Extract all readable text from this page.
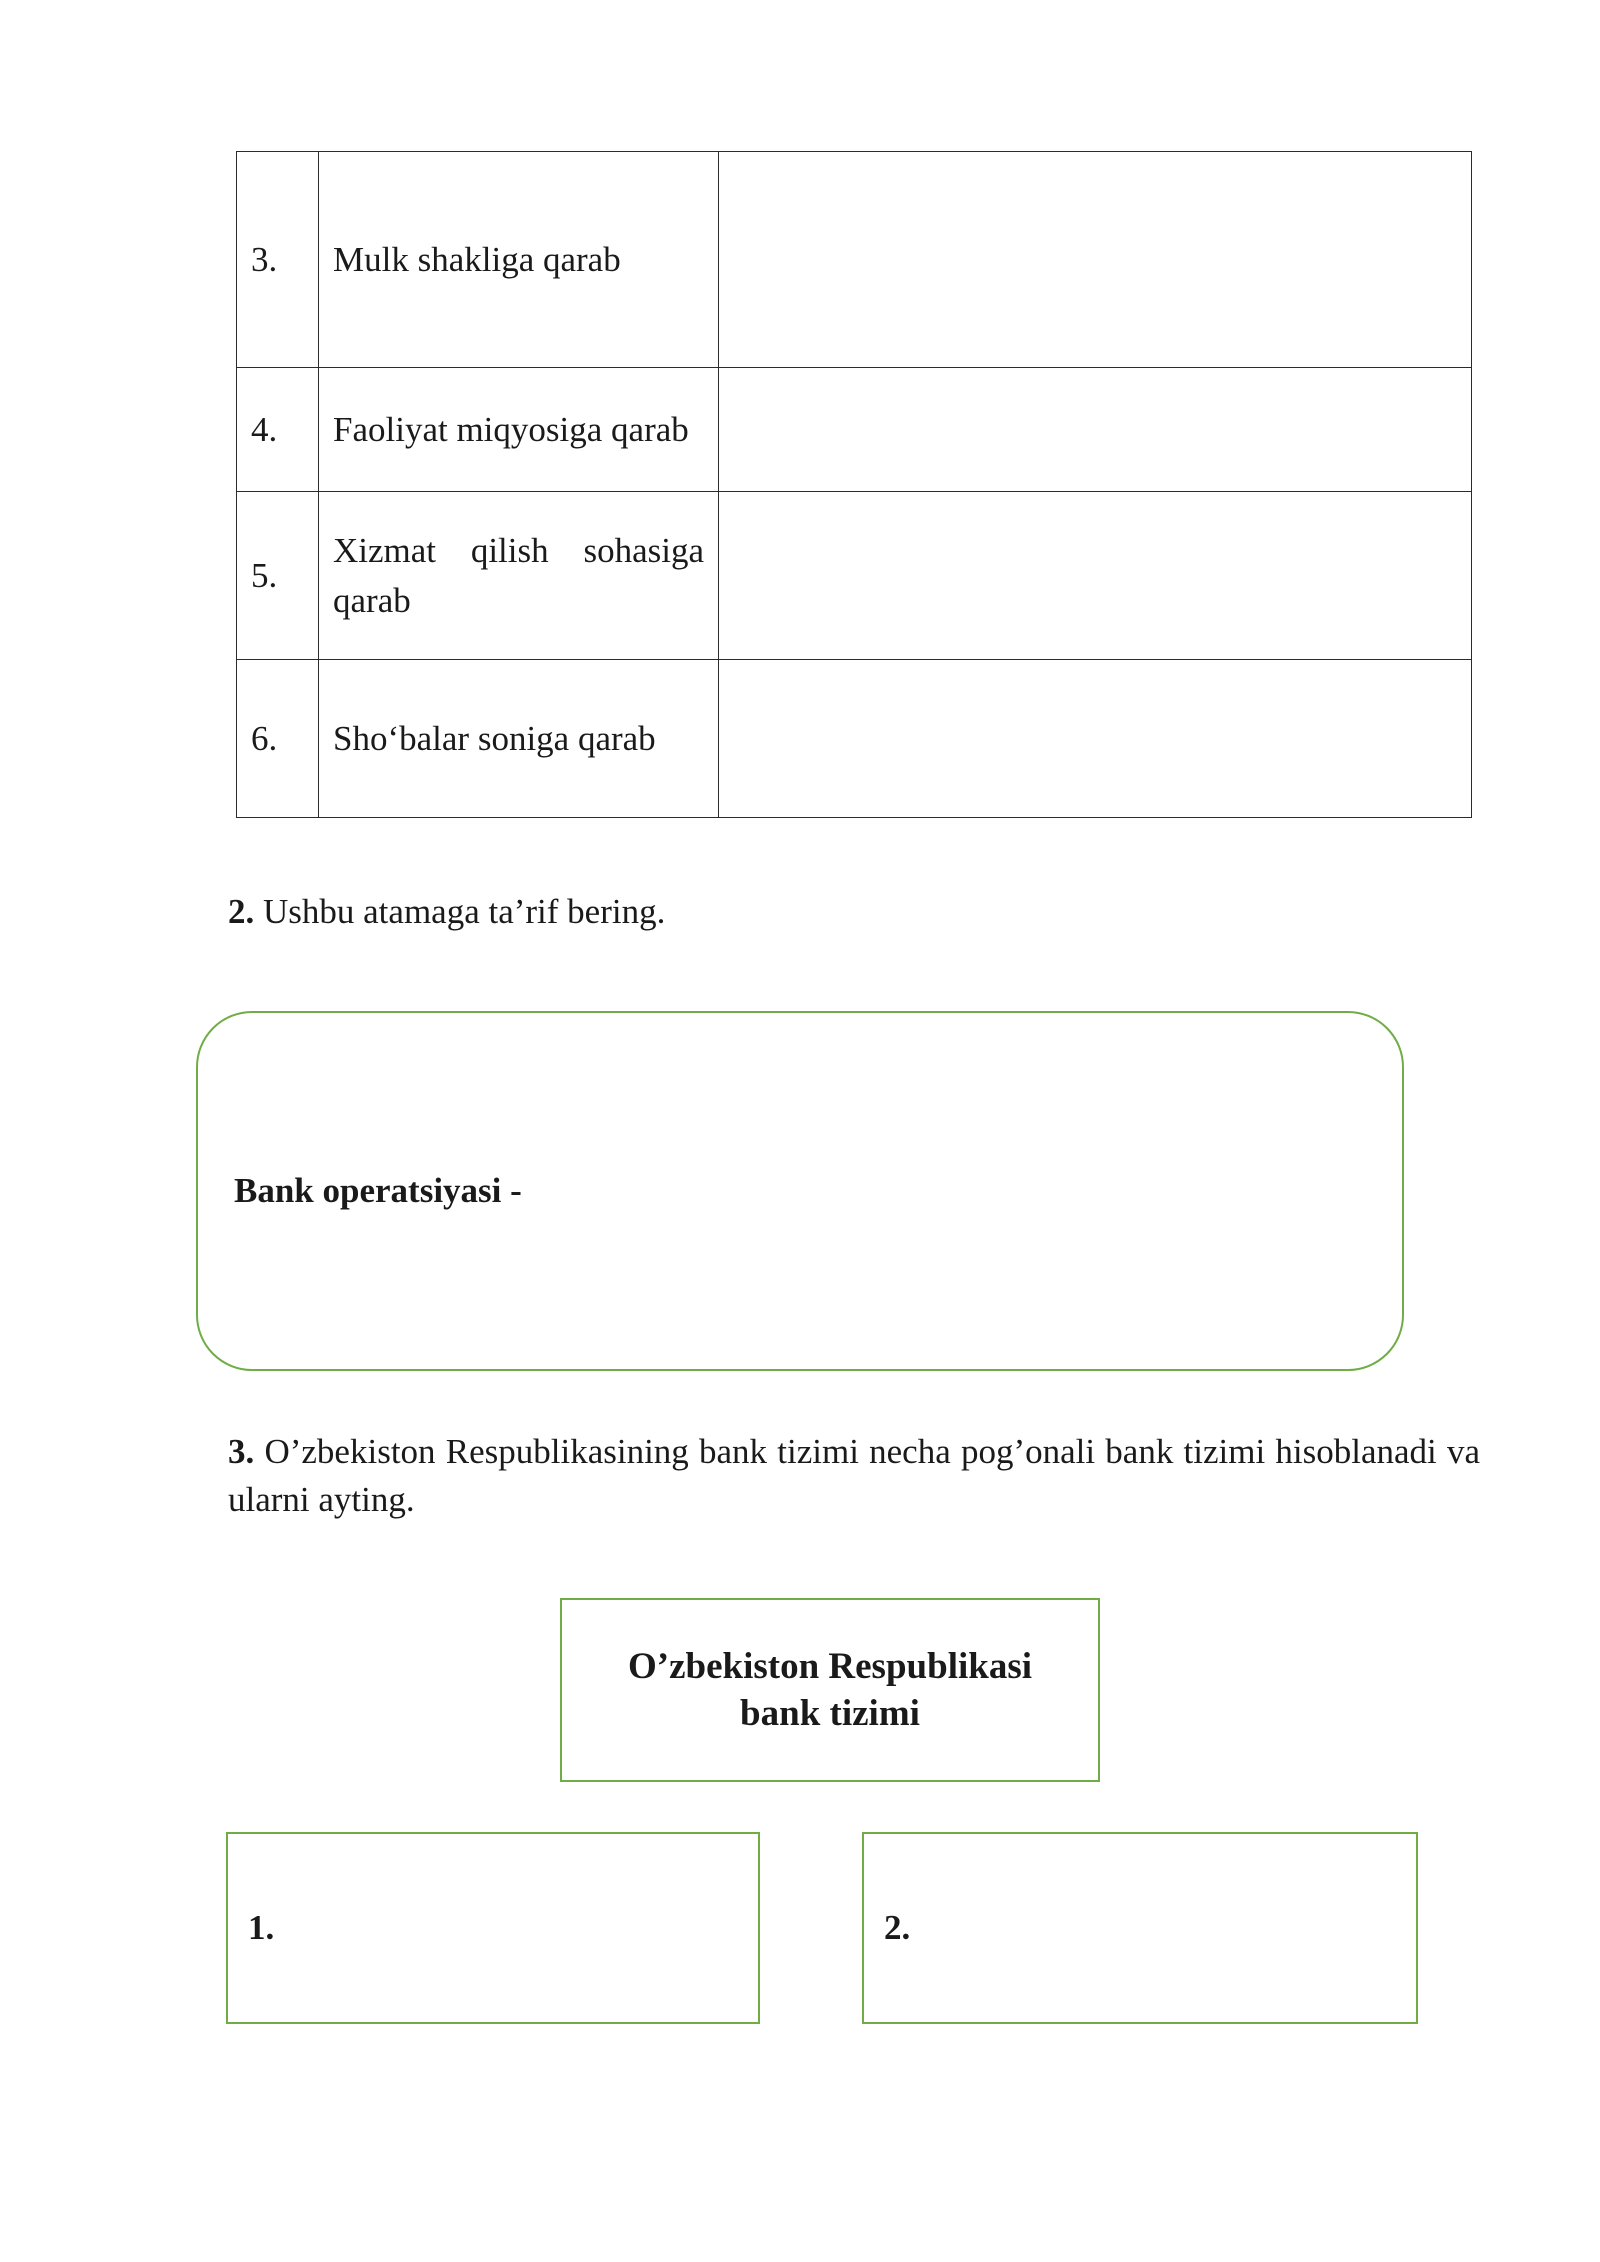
3.	Mulk shakliga qarab	
4.	Faoliyat miqyosiga qarab	
5.	Xizmat qilish sohasiga qarab	
6.	Sho‘balar soniga qarab	
2. Ushbu atamaga ta’rif bering.
Bank operatsiyasi -
3. O’zbekiston Respublikasining bank tizimi necha pog’onali bank tizimi hisoblanadi va ularni ayting.
O’zbekiston Respublikasi
bank tizimi
1.	2.
